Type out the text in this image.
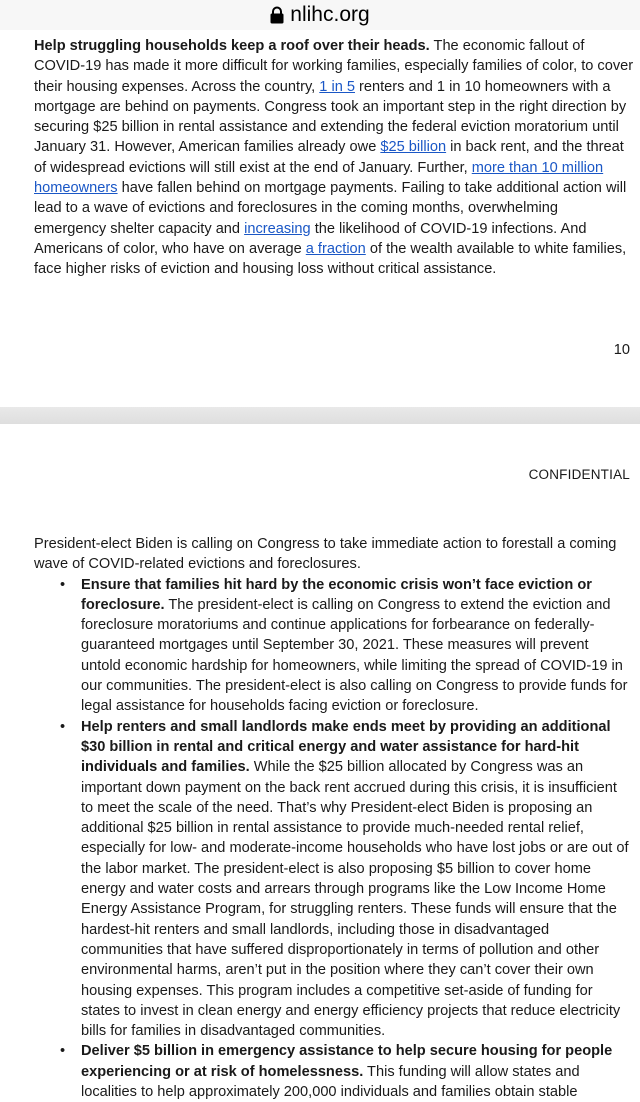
nlihc.org

Help struggling households keep a roof over their heads. The economic fallout of COVID-19 has made it more difficult for working families, especially families of color, to cover their housing expenses. Across the country, 1 in 5 renters and 1 in 10 homeowners with a mortgage are behind on payments. Congress took an important step in the right direction by securing $25 billion in rental assistance and extending the federal eviction moratorium until January 31. However, American families already owe $25 billion in back rent, and the threat of widespread evictions will still exist at the end of January. Further, more than 10 million homeowners have fallen behind on mortgage payments. Failing to take additional action will lead to a wave of evictions and foreclosures in the coming months, overwhelming emergency shelter capacity and increasing the likelihood of COVID-19 infections. And Americans of color, who have on average a fraction of the wealth available to white families, face higher risks of eviction and housing loss without critical assistance.

10
CONFIDENTIAL

President-elect Biden is calling on Congress to take immediate action to forestall a coming wave of COVID-related evictions and foreclosures.

• Ensure that families hit hard by the economic crisis won’t face eviction or foreclosure. The president-elect is calling on Congress to extend the eviction and foreclosure moratoriums and continue applications for forbearance on federally-guaranteed mortgages until September 30, 2021. These measures will prevent untold economic hardship for homeowners, while limiting the spread of COVID-19 in our communities. The president-elect is also calling on Congress to provide funds for legal assistance for households facing eviction or foreclosure.
• Help renters and small landlords make ends meet by providing an additional $30 billion in rental and critical energy and water assistance for hard-hit individuals and families. While the $25 billion allocated by Congress was an important down payment on the back rent accrued during this crisis, it is insufficient to meet the scale of the need. That’s why President-elect Biden is proposing an additional $25 billion in rental assistance to provide much-needed rental relief, especially for low- and moderate-income households who have lost jobs or are out of the labor market. The president-elect is also proposing $5 billion to cover home energy and water costs and arrears through programs like the Low Income Home Energy Assistance Program, for struggling renters. These funds will ensure that the hardest-hit renters and small landlords, including those in disadvantaged communities that have suffered disproportionately in terms of pollution and other environmental harms, aren’t put in the position where they can’t cover their own housing expenses. This program includes a competitive set-aside of funding for states to invest in clean energy and energy efficiency projects that reduce electricity bills for families in disadvantaged communities.
• Deliver $5 billion in emergency assistance to help secure housing for people experiencing or at risk of homelessness. This funding will allow states and localities to help approximately 200,000 individuals and families obtain stable
